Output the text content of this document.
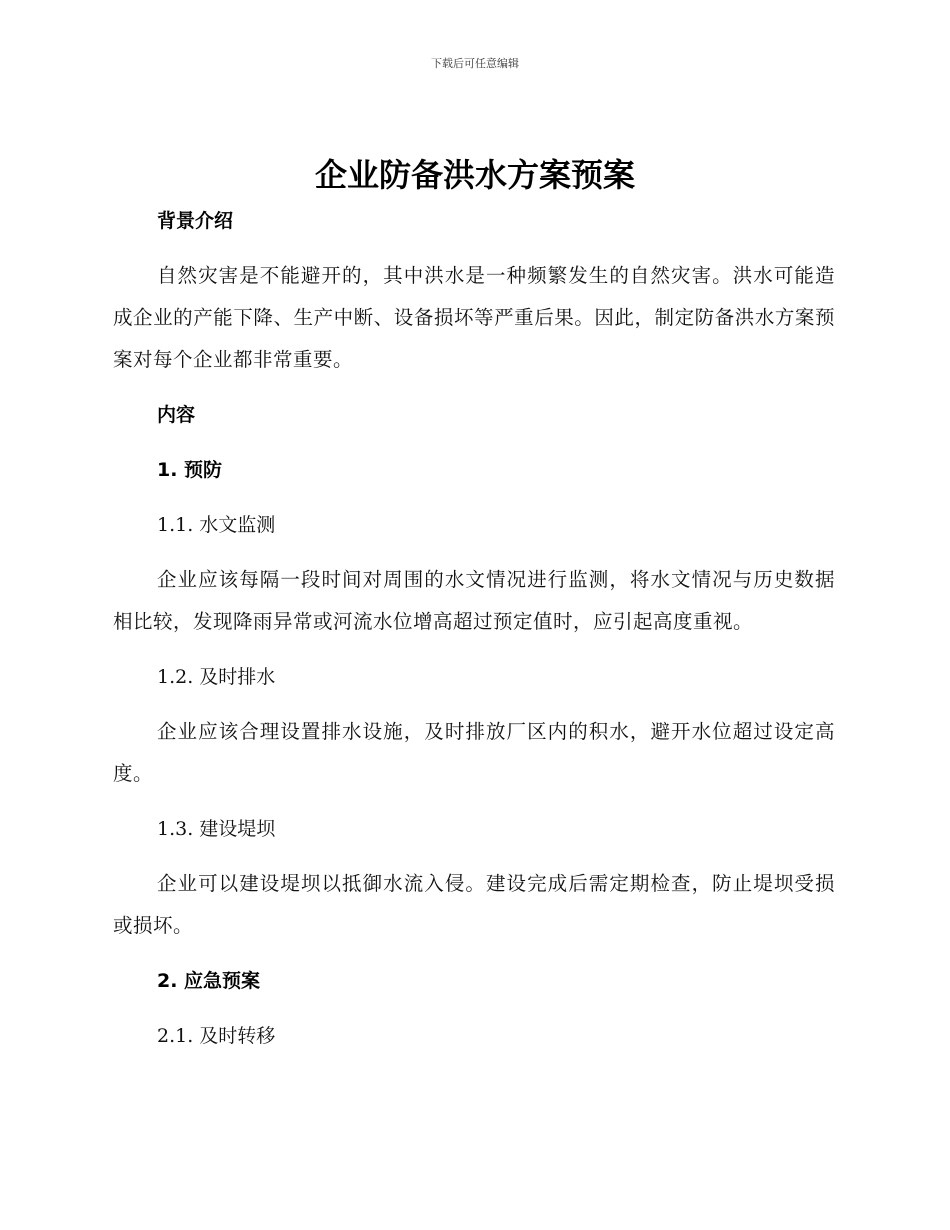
下载后可任意编辑
企业防备洪水方案预案

背景介绍

自然灾害是不能避开的，其中洪水是一种频繁发生的自然灾害。洪水可能造成企业的产能下降、生产中断、设备损坏等严重后果。因此，制定防备洪水方案预案对每个企业都非常重要。

内容

1. 预防

1.1. 水文监测

企业应该每隔一段时间对周围的水文情况进行监测，将水文情况与历史数据相比较，发现降雨异常或河流水位增高超过预定值时，应引起高度重视。

1.2. 及时排水

企业应该合理设置排水设施，及时排放厂区内的积水，避开水位超过设定高度。

1.3. 建设堤坝

企业可以建设堤坝以抵御水流入侵。建设完成后需定期检查，防止堤坝受损或损坏。

2. 应急预案

2.1. 及时转移
